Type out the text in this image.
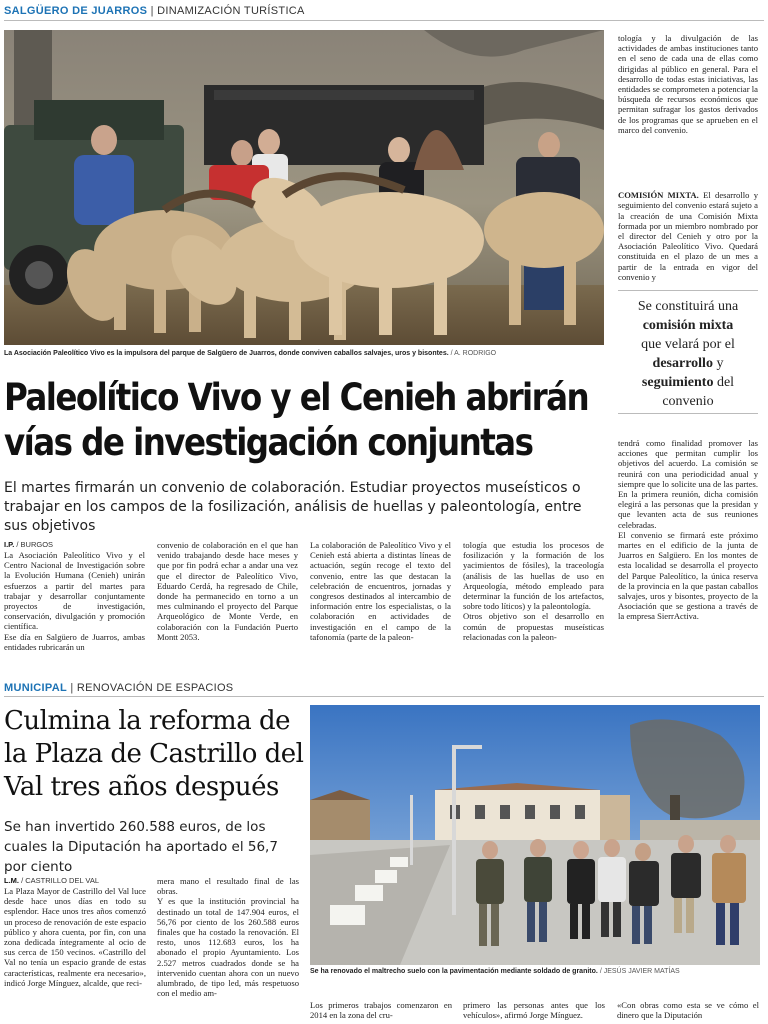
SALGÜERO DE JUARROS | DINAMIZACIÓN TURÍSTICA
La Asociación Paleolítico Vivo es la impulsora del parque de Salgüero de Juarros, donde conviven caballos salvajes, uros y bisontes. / A. RODRIGO
Paleolítico Vivo y el Cenieh abrirán
vías de investigación conjuntas
El martes firmarán un convenio de colaboración. Estudiar proyectos museísticos o trabajar en los campos de la fosilización, análisis de huellas y paleontología, entre sus objetivos
I.P. / BURGOS
La Asociación Paleolítico Vivo y el Centro Nacional de Investigación sobre la Evolución Humana (Cenieh) unirán esfuerzos a partir del martes para trabajar y desarrollar conjuntamente proyectos de investigación, conservación, divulgación y promoción científica.
Ese día en Salgüero de Juarros, ambas entidades rubricarán un
convenio de colaboración en el que han venido trabajando desde hace meses y que por fin podrá echar a andar una vez que el director de Paleolítico Vivo, Eduardo Cerdá, ha regresado de Chile, donde ha permanecido en torno a un mes culminando el proyecto del Parque Arqueológico de Monte Verde, en colaboración con la Fundación Puerto Montt 2053.
La colaboración de Paleolítico Vivo y el Cenieh está abierta a distintas líneas de actuación, según recoge el texto del convenio, entre las que destacan la celebración de encuentros, jornadas y congresos destinados al intercambio de información entre los especialistas, o la colaboración en actividades de investigación en el campo de la tafonomía (parte de la paleon-
tología que estudia los procesos de fosilización y la formación de los yacimientos de fósiles), la traceología (análisis de las huellas de uso en Arqueología, método empleado para determinar la función de los artefactos, sobre todo líticos) y la paleontología.
Otros objetivo son el desarrollo en común de propuestas museísticas relacionadas con la paleon-
tología y la divulgación de las actividades de ambas instituciones tanto en el seno de cada una de ellas como dirigidas al público en general. Para el desarrollo de todas estas iniciativas, las entidades se comprometen a potenciar la búsqueda de recursos económicos que permitan sufragar los gastos derivados de los programas que se aprueben en el marco del convenio.

COMISIÓN MIXTA. El desarrollo y seguimiento del convenio estará sujeto a la creación de una Comisión Mixta formada por un miembro nombrado por el director del Cenieh y otro por la Asociación Paleolítico Vivo. Quedará constituida en el plazo de un mes a partir de la entrada en vigor del convenio y

Se constituirá una
comisión mixta
que velará por el
desarrollo y
seguimiento del
convenio
tendrá como finalidad promover las acciones que permitan cumplir los objetivos del acuerdo. La comisión se reunirá con una periodicidad anual y siempre que lo solicite una de las partes. En la primera reunión, dicha comisión elegirá a las personas que la presidan y que levanten acta de sus reuniones celebradas.
El convenio se firmará este próximo martes en el edificio de la junta de Juarros en Salgüero. En los montes de esta localidad se desarrolla el proyecto del Parque Paleolítico, la única reserva de la provincia en la que pastan caballos salvajes, uros y bisontes, proyecto de la Asociación que se gestiona a través de la empresa SierrActiva.
MUNICIPAL | RENOVACIÓN DE ESPACIOS
Culmina la reforma de
la Plaza de Castrillo del
Val tres años después
Se han invertido 260.588 euros, de los cuales la Diputación ha aportado el 56,7 por ciento
L.M. / CASTRILLO DEL VAL
La Plaza Mayor de Castrillo del Val luce desde hace unos días en todo su esplendor. Hace unos tres años comenzó un proceso de renovación de este espacio público y ahora cuenta, por fin, con una zona dedicada íntegramente al ocio de sus cerca de 150 vecinos. «Castrillo del Val no tenía un espacio grande de estas características, realmente era necesario», indicó Jorge Mínguez, alcalde, que reci-
mera mano el resultado final de las obras.
Y es que la institución provincial ha destinado un total de 147.904 euros, el 56,76 por ciento de los 260.588 euros finales que ha costado la renovación. El resto, unos 112.683 euros, los ha abonado el propio Ayuntamiento. Los 2.527 metros cuadrados donde se ha intervenido cuentan ahora con un nuevo alumbrado, de tipo led, más respetuoso con el medio am-
Se ha renovado el maltrecho suelo con la pavimentación mediante soldado de granito. / JESÚS JAVIER MATÍAS
Los primeros trabajos comenzaron en 2014 en la zona del cru-
primero las personas antes que los vehículos», afirmó Jorge Mínguez.
«Con obras como esta se ve cómo el dinero que la Diputación
